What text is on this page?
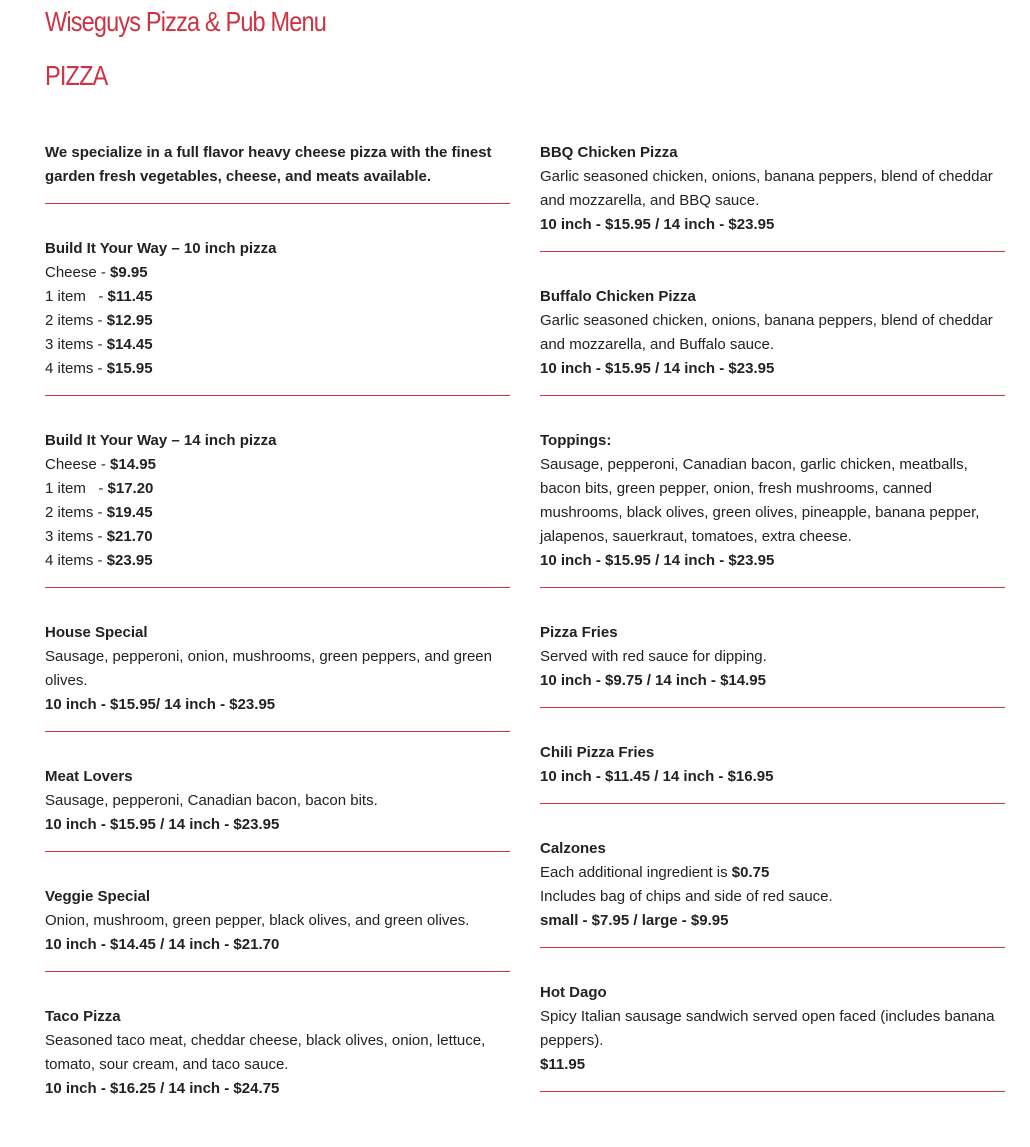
Wiseguys Pizza & Pub Menu
PIZZA
We specialize in a full flavor heavy cheese pizza with the finest garden fresh vegetables, cheese, and meats available.
Build It Your Way – 10 inch pizza
Cheese - $9.95
1 item   - $11.45
2 items - $12.95
3 items - $14.45
4 items - $15.95
Build It Your Way – 14 inch pizza
Cheese - $14.95
1 item   - $17.20
2 items - $19.45
3 items - $21.70
4 items - $23.95
House Special
Sausage, pepperoni, onion, mushrooms, green peppers, and green olives.
10 inch - $15.95/ 14 inch - $23.95
Meat Lovers
Sausage, pepperoni, Canadian bacon, bacon bits.
10 inch - $15.95 / 14 inch - $23.95
Veggie Special
Onion, mushroom, green pepper, black olives, and green olives.
10 inch - $14.45 / 14 inch - $21.70
Taco Pizza
Seasoned taco meat, cheddar cheese, black olives, onion, lettuce, tomato, sour cream, and taco sauce.
10 inch - $16.25 / 14 inch - $24.75
BBQ Chicken Pizza
Garlic seasoned chicken, onions, banana peppers, blend of cheddar and mozzarella, and BBQ sauce.
10 inch - $15.95 / 14 inch - $23.95
Buffalo Chicken Pizza
Garlic seasoned chicken, onions, banana peppers, blend of cheddar and mozzarella, and Buffalo sauce.
10 inch - $15.95 / 14 inch - $23.95
Toppings:
Sausage, pepperoni, Canadian bacon, garlic chicken, meatballs, bacon bits, green pepper, onion, fresh mushrooms, canned mushrooms, black olives, green olives, pineapple, banana pepper, jalapenos, sauerkraut, tomatoes, extra cheese.
10 inch - $15.95 / 14 inch - $23.95
Pizza Fries
Served with red sauce for dipping.
10 inch - $9.75 / 14 inch - $14.95
Chili Pizza Fries
10 inch - $11.45 / 14 inch - $16.95
Calzones
Each additional ingredient is $0.75
Includes bag of chips and side of red sauce.
small - $7.95 / large - $9.95
Hot Dago
Spicy Italian sausage sandwich served open faced (includes banana peppers).
$11.95
